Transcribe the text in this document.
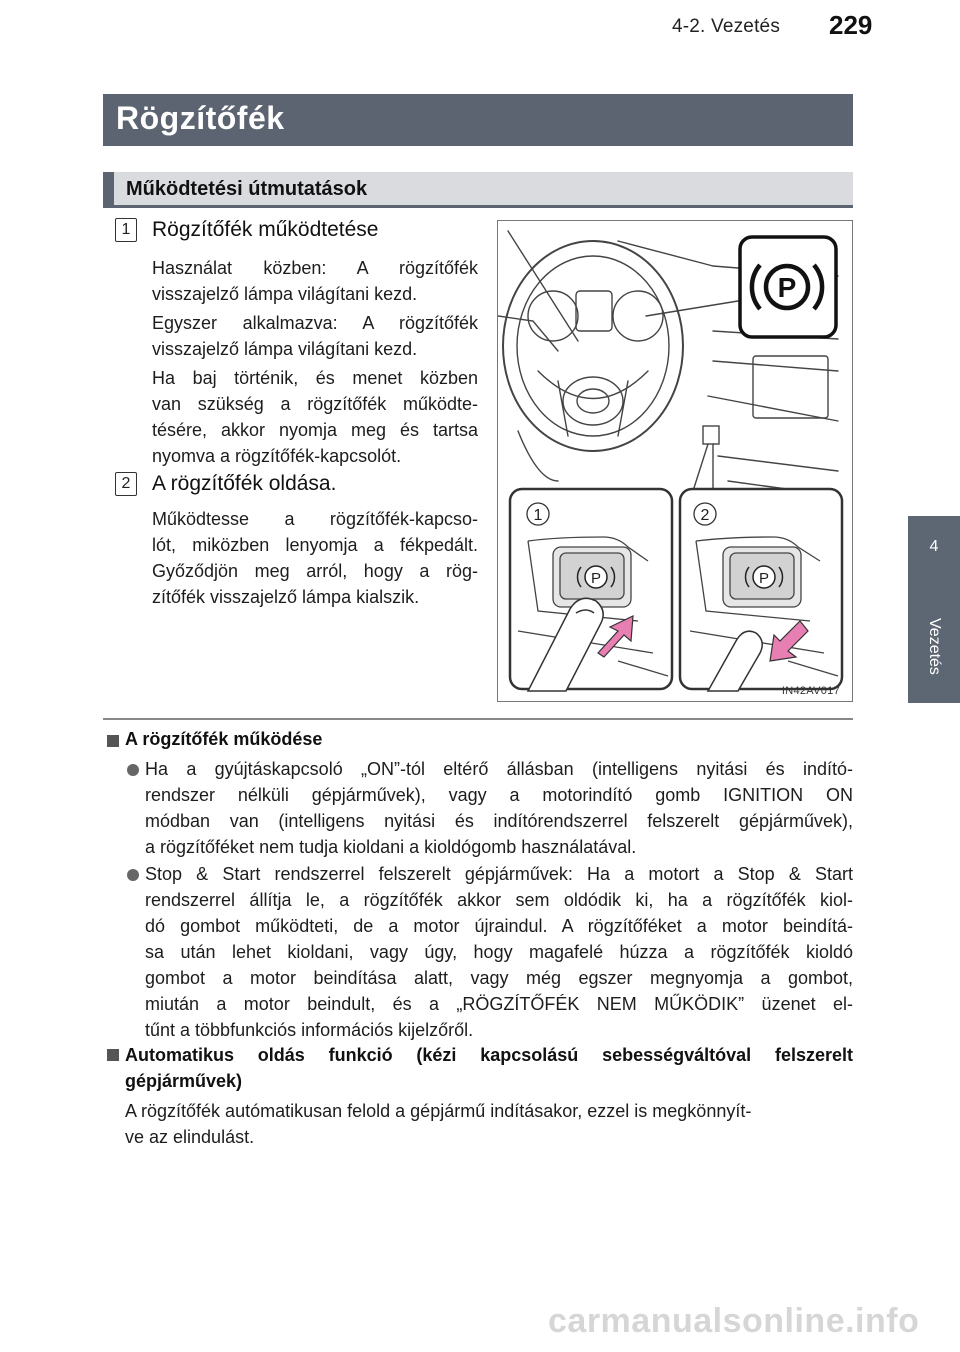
4-2. Vezetés 229
4
Vezetés
Rögzítőfék
Működtetési útmutatások
1	Rögzítőfék működtetése
Használat közben: A rögzítőfék
visszajelző lámpa világítani kezd.
Egyszer alkalmazva: A rögzítőfék
visszajelző lámpa világítani kezd.
Ha baj történik, és menet közben
van szükség a rögzítőfék működte-
tésére, akkor nyomja meg és tartsa
nyomva a rögzítőfék-kapcsolót.
2	A rögzítőfék oldása.
Működtesse a rögzítőfék-kapcso-
lót, miközben lenyomja a fékpedált.
Győződjön meg arról, hogy a rög-
zítőfék visszajelző lámpa kialszik.
P
1
P
2
P
IN42AV017
A rögzítőfék működése
Ha a gyújtáskapcsoló „ON”-tól eltérő állásban (intelligens nyitási és indító-
rendszer nélküli gépjárművek), vagy a motorindító gomb IGNITION ON
módban van (intelligens nyitási és indítórendszerrel felszerelt gépjárművek),
a rögzítőféket nem tudja kioldani a kioldógomb használatával.
Stop & Start rendszerrel felszerelt gépjárművek: Ha a motort a Stop & Start
rendszerrel állítja le, a rögzítőfék akkor sem oldódik ki, ha a rögzítőfék kiol-
dó gombot működteti, de a motor újraindul. A rögzítőféket a motor beindítá-
sa után lehet kioldani, vagy úgy, hogy magafelé húzza a rögzítőfék kioldó
gombot a motor beindítása alatt, vagy még egszer megnyomja a gombot,
miután a motor beindult, és a „RÖGZÍTŐFÉK NEM MŰKÖDIK” üzenet el-
tűnt a többfunkciós információs kijelzőről.
Automatikus oldás funkció (kézi kapcsolású sebességváltóval felszerelt
gépjárművek)
A rögzítőfék autómatikusan felold a gépjármű indításakor, ezzel is megkönnyít-
ve az elindulást.
carmanualsonline.info
